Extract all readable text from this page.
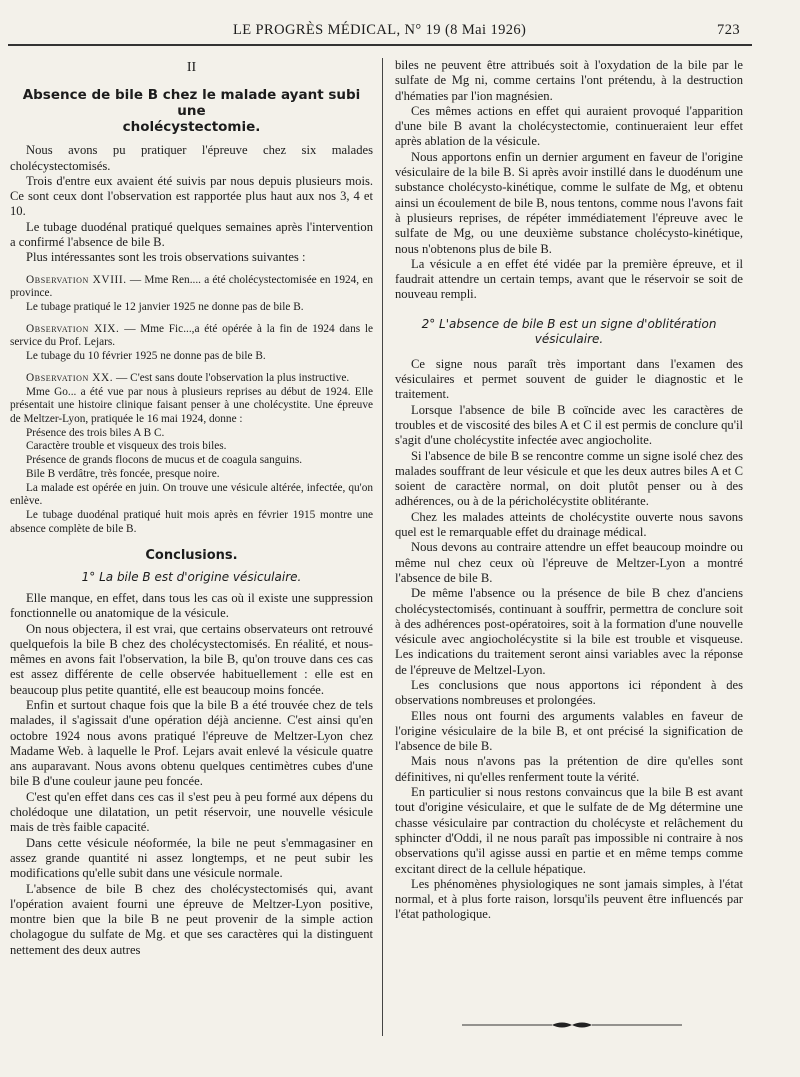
LE PROGRÈS MÉDICAL, N° 19 (8 Mai 1926)	723

II

Absence de bile B chez le malade ayant subi une

cholécystectomie.

Nous avons pu pratiquer l'épreuve chez six malades cholécystectomisés.

Trois d'entre eux avaient été suivis par nous depuis plusieurs mois. Ce sont ceux dont l'observation est rapportée plus haut aux nos 3, 4 et 10.

Le tubage duodénal pratiqué quelques semaines après l'intervention a confirmé l'absence de bile B.

Plus intéressantes sont les trois observations suivantes :

Observation XVIII. — Mme Ren.... a été cholécystectomisée en 1924, en province.

Le tubage pratiqué le 12 janvier 1925 ne donne pas de bile B.

Observation XIX. — Mme Fic...,a été opérée à la fin de 1924 dans le service du Prof. Lejars.

Le tubage du 10 février 1925 ne donne pas de bile B.

Observation XX. — C'est sans doute l'observation la plus instructive.

Mme Go... a été vue par nous à plusieurs reprises au début de 1924. Elle présentait une histoire clinique faisant penser à une cholécystite. Une épreuve de Meltzer-Lyon, pratiquée le 16 mai 1924, donne :

Présence des trois biles A B C.

Caractère trouble et visqueux des trois biles.

Présence de grands flocons de mucus et de coagula sanguins.

Bile B verdâtre, très foncée, presque noire.

La malade est opérée en juin. On trouve une vésicule altérée, infectée, qu'on enlève.

Le tubage duodénal pratiqué huit mois après en février 1915 montre une absence complète de bile B.

Conclusions.

1° La bile B est d'origine vésiculaire.

Elle manque, en effet, dans tous les cas où il existe une suppression fonctionnelle ou anatomique de la vésicule.

On nous objectera, il est vrai, que certains observateurs ont retrouvé quelquefois la bile B chez des cholécystectomisés. En réalité, et nous-mêmes en avons fait l'observation, la bile B, qu'on trouve dans ces cas est assez différente de celle observée habituellement : elle est en beaucoup plus petite quantité, elle est beaucoup moins foncée.

Enfin et surtout chaque fois que la bile B a été trouvée chez de tels malades, il s'agissait d'une opération déjà ancienne. C'est ainsi qu'en octobre 1924 nous avons pratiqué l'épreuve de Meltzer-Lyon chez Madame Web. à laquelle le Prof. Lejars avait enlevé la vésicule quatre ans auparavant. Nous avons obtenu quelques centimètres cubes d'une bile B d'une couleur jaune peu foncée.

C'est qu'en effet dans ces cas il s'est peu à peu formé aux dépens du cholédoque une dilatation, un petit réservoir, une nouvelle vésicule mais de très faible capacité.

Dans cette vésicule néoformée, la bile ne peut s'emmagasiner en assez grande quantité ni assez longtemps, et ne peut subir les modifications qu'elle subit dans une vésicule normale.

L'absence de bile B chez des cholécystectomisés qui, avant l'opération avaient fourni une épreuve de Meltzer-Lyon positive, montre bien que la bile B ne peut provenir de la simple action cholagogue du sulfate de Mg. et que ses caractères qui la distinguent nettement des deux autres

biles ne peuvent être attribués soit à l'oxydation de la bile par le sulfate de Mg ni, comme certains l'ont prétendu, à la destruction d'hématies par l'ion magnésien.

Ces mêmes actions en effet qui auraient provoqué l'apparition d'une bile B avant la cholécystectomie, continueraient leur effet après ablation de la vésicule.

Nous apportons enfin un dernier argument en faveur de l'origine vésiculaire de la bile B. Si après avoir instillé dans le duodénum une substance cholécysto-kinétique, comme le sulfate de Mg, et obtenu ainsi un écoulement de bile B, nous tentons, comme nous l'avons fait à plusieurs reprises, de répéter immédiatement l'épreuve avec le sulfate de Mg, ou une deuxième substance cholécysto-kinétique, nous n'obtenons plus de bile B.

La vésicule a en effet été vidée par la première épreuve, et il faudrait attendre un certain temps, avant que le réservoir se soit de nouveau rempli.

2° L'absence de bile B est un signe d'oblitération
vésiculaire.

Ce signe nous paraît très important dans l'examen des vésiculaires et permet souvent de guider le diagnostic et le traitement.

Lorsque l'absence de bile B coïncide avec les caractères de troubles et de viscosité des biles A et C il est permis de conclure qu'il s'agit d'une cholécystite infectée avec angiocholite.

Si l'absence de bile B se rencontre comme un signe isolé chez des malades souffrant de leur vésicule et que les deux autres biles A et C soient de caractère normal, on doit plutôt penser ou à des adhérences, ou à de la péricholécystite oblitérante.

Chez les malades atteints de cholécystite ouverte nous savons quel est le remarquable effet du drainage médical.

Nous devons au contraire attendre un effet beaucoup moindre ou même nul chez ceux où l'épreuve de Meltzer-Lyon a montré l'absence de bile B.

De même l'absence ou la présence de bile B chez d'anciens cholécystectomisés, continuant à souffrir, permettra de conclure soit à des adhérences post-opératoires, soit à la formation d'une nouvelle vésicule avec angiocholécystite si la bile est trouble et visqueuse. Les indications du traitement seront ainsi variables avec la réponse de l'épreuve de Meltzel-Lyon.

Les conclusions que nous apportons ici répondent à des observations nombreuses et prolongées.

Elles nous ont fourni des arguments valables en faveur de l'origine vésiculaire de la bile B, et ont précisé la signification de l'absence de bile B.

Mais nous n'avons pas la prétention de dire qu'elles sont définitives, ni qu'elles renferment toute la vérité.

En particulier si nous restons convaincus que la bile B est avant tout d'origine vésiculaire, et que le sulfate de de Mg détermine une chasse vésiculaire par contraction du cholécyste et relâchement du sphincter d'Oddi, il ne nous paraît pas impossible ni contraire à nos observations qu'il agisse aussi en partie et en même temps comme excitant direct de la cellule hépatique.

Les phénomènes physiologiques ne sont jamais simples, à l'état normal, et à plus forte raison, lorsqu'ils peuvent être influencés par l'état pathologique.
